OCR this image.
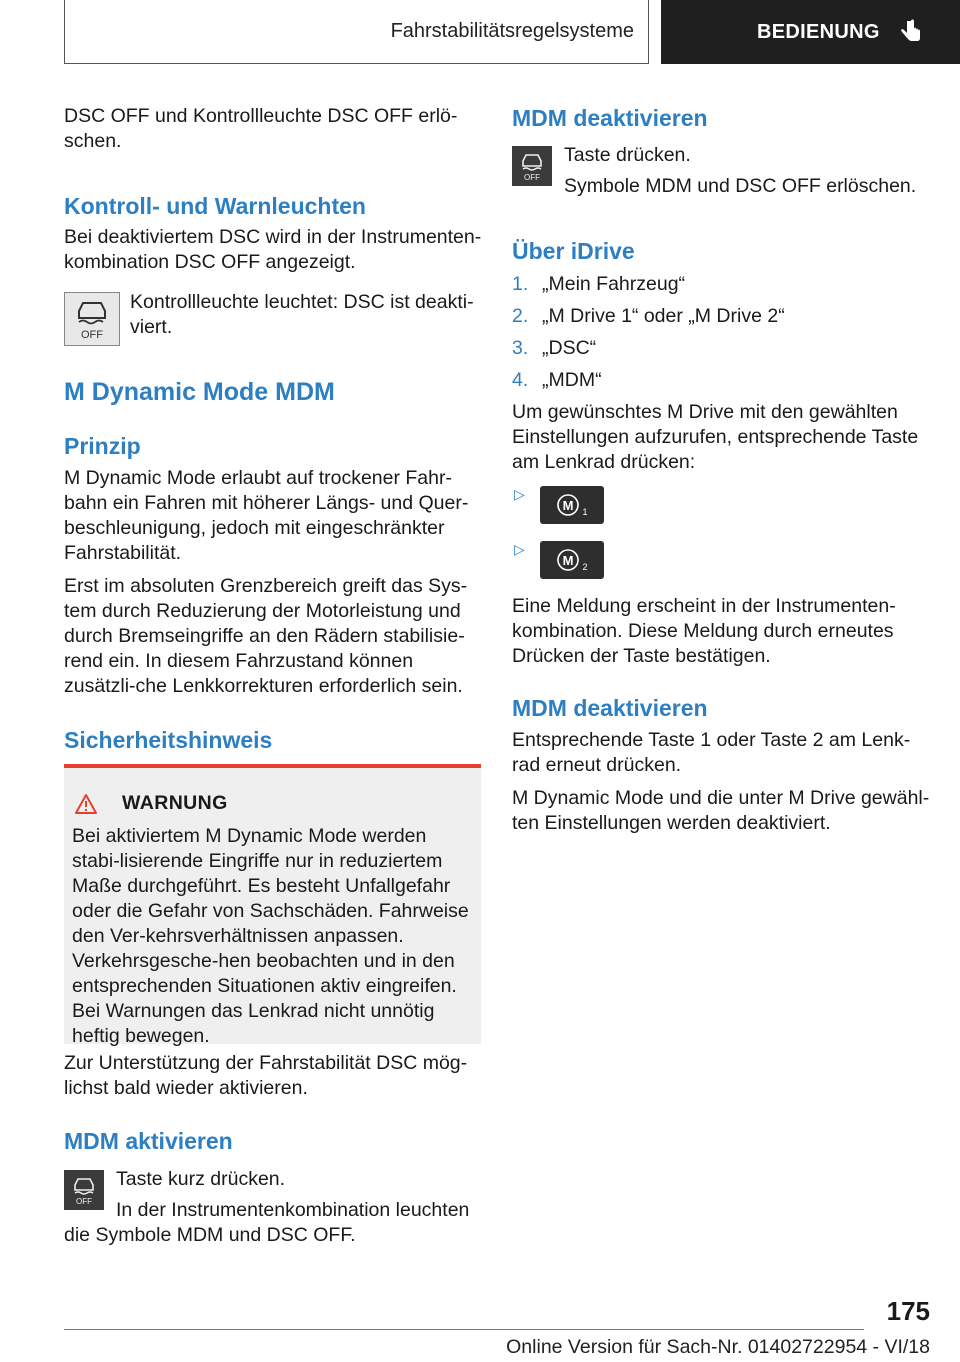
Fahrstabilitätsregelsysteme	BEDIENUNG

DSC OFF und Kontrollleuchte DSC OFF erlö-schen.

Kontroll- und Warnleuchten

Bei deaktiviertem DSC wird in der Instrumenten-kombination DSC OFF angezeigt.

OFF

Kontrollleuchte leuchtet: DSC ist deakti-viert.

M Dynamic Mode MDM
Prinzip

M Dynamic Mode erlaubt auf trockener Fahr-bahn ein Fahren mit höherer Längs- und Quer-beschleunigung, jedoch mit eingeschränkter Fahrstabilität.

Erst im absoluten Grenzbereich greift das Sys-tem durch Reduzierung der Motorleistung und durch Bremseingriffe an den Rädern stabilisie-rend ein. In diesem Fahrzustand können zusätzli-che Lenkkorrekturen erforderlich sein.

Sicherheitshinweis
WARNUNG

Bei aktiviertem M Dynamic Mode werden stabi-lisierende Eingriffe nur in reduziertem Maße durchgeführt. Es besteht Unfallgefahr oder die Gefahr von Sachschäden. Fahrweise den Ver-kehrsverhältnissen anpassen. Verkehrsgesche-hen beobachten und in den entsprechenden Situationen aktiv eingreifen. Bei Warnungen das Lenkrad nicht unnötig heftig bewegen.

Zur Unterstützung der Fahrstabilität DSC mög-lichst bald wieder aktivieren.

MDM aktivieren
OFF

Taste kurz drücken.

In der Instrumentenkombination leuchten die Symbole MDM und DSC OFF.

MDM deaktivieren
OFF

Taste drücken.

Symbole MDM und DSC OFF erlöschen.

Über iDrive
1. „Mein Fahrzeug“
2. „M Drive 1“ oder „M Drive 2“
3. „DSC“
4. „MDM“

Um gewünschtes M Drive mit den gewählten Einstellungen aufzurufen, entsprechende Taste am Lenkrad drücken:

▷
M 1
▷
M 2

Eine Meldung erscheint in der Instrumenten-kombination. Diese Meldung durch erneutes Drücken der Taste bestätigen.

MDM deaktivieren

Entsprechende Taste 1 oder Taste 2 am Lenk-rad erneut drücken.

M Dynamic Mode und die unter M Drive gewähl-ten Einstellungen werden deaktiviert.

175
Online Version für Sach-Nr. 01402722954 - VI/18
